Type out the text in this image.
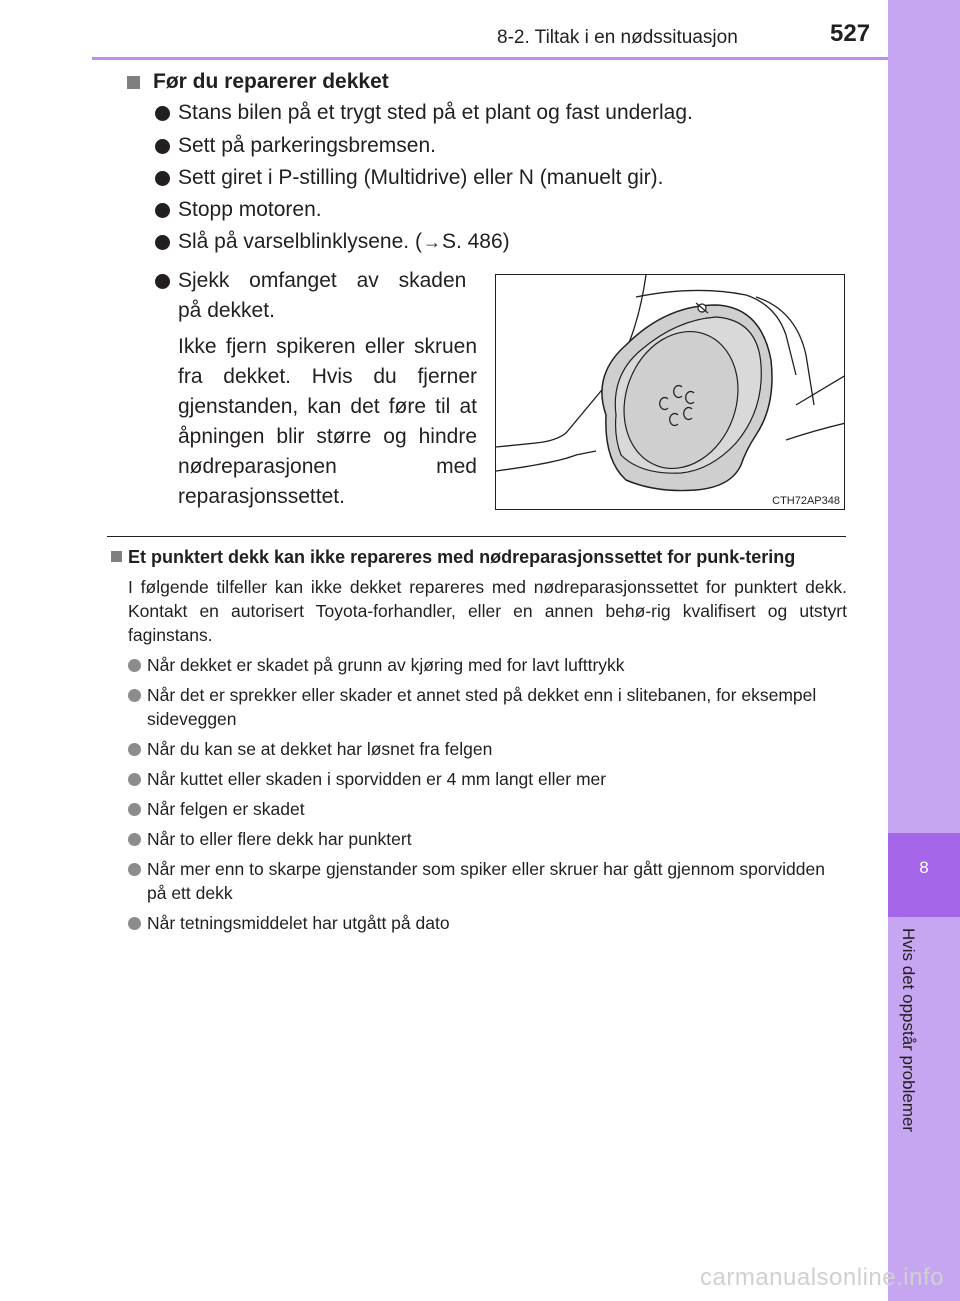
8-2. Tiltak i en nødssituasjon	527
8
Hvis det oppstår problemer
Før du reparerer dekket
Stans bilen på et trygt sted på et plant og fast underlag.
Sett på parkeringsbremsen.
Sett giret i P-stilling (Multidrive) eller N (manuelt gir).
Stopp motoren.
Slå på varselblinklysene. ( → S. 486)
Sjekk omfanget av skaden
på dekket.
Ikke fjern spikeren eller skruen fra dekket. Hvis du fjerner gjenstanden, kan det føre til at åpningen blir større og hindre nødreparasjonen med reparasjonssettet.	CTH72AP348
Et punktert dekk kan ikke repareres med nødreparasjonssettet for punk-tering
I følgende tilfeller kan ikke dekket repareres med nødreparasjonssettet for punktert dekk. Kontakt en autorisert Toyota-forhandler, eller en annen behø-rig kvalifisert og utstyrt faginstans.
Når dekket er skadet på grunn av kjøring med for lavt lufttrykk
Når det er sprekker eller skader et annet sted på dekket enn i slitebanen, for eksempel sideveggen
Når du kan se at dekket har løsnet fra felgen
Når kuttet eller skaden i sporvidden er 4 mm langt eller mer
Når felgen er skadet
Når to eller flere dekk har punktert
Når mer enn to skarpe gjenstander som spiker eller skruer har gått gjennom sporvidden på ett dekk
Når tetningsmiddelet har utgått på dato
carmanualsonline.info
